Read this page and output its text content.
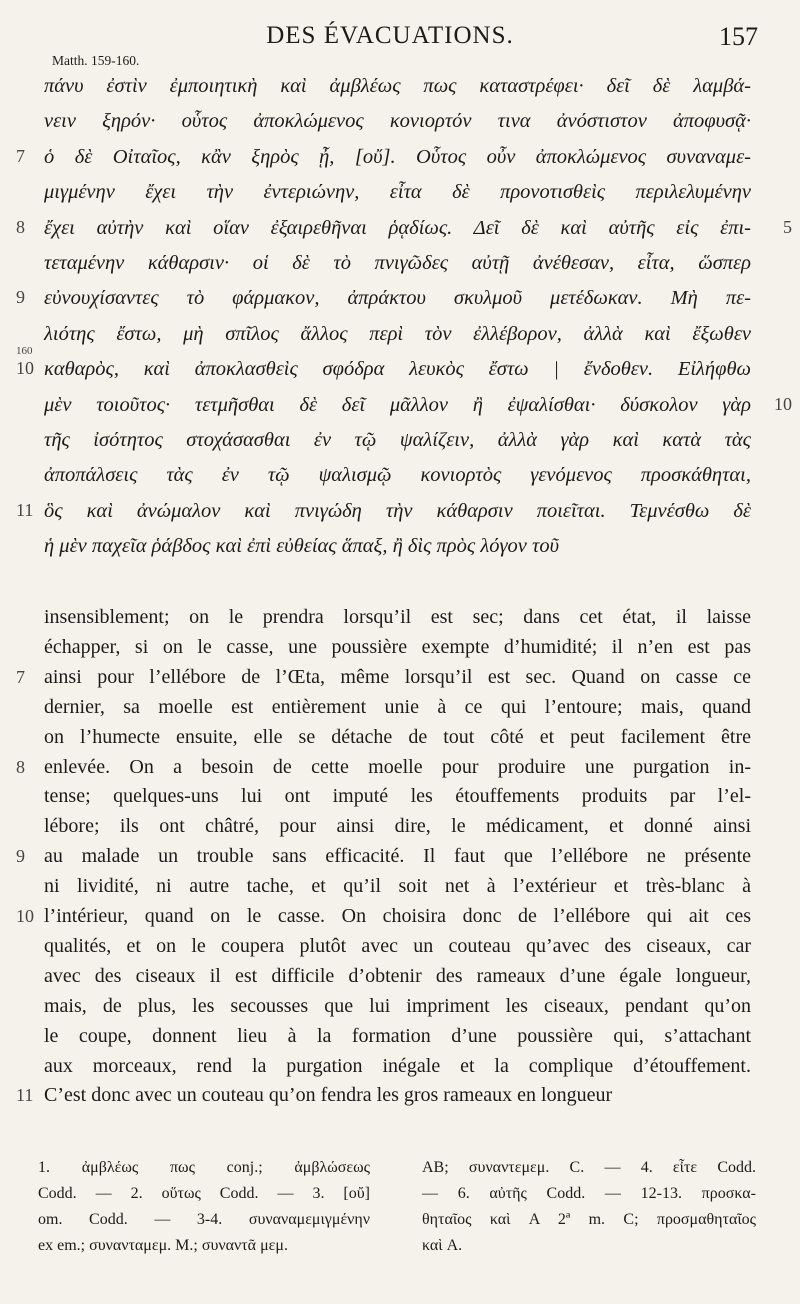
DES ÉVACUATIONS.	157
Matth. 159-160.
πάνυ ἐστὶν ἐμποιητικὴ καὶ ἀμβλέως πως καταστρέφει· δεῖ δὲ λαμβά-
νειν ξηρόν· οὗτος ἀποκλώμενος κονιορτόν τινα ἀνόστιστον ἀποφυσᾷ·
ὁ δὲ Οἰταῖος, κἂν ξηρὸς ᾖ, [οὔ]. Οὗτος οὖν ἀποκλώμενος συναναμε-
7
μιγμένην ἔχει τὴν ἐντεριώνην, εἶτα δὲ προνοτισθεὶς περιλελυμένην
ἔχει αὐτὴν καὶ οἵαν ἐξαιρεθῆναι ῥᾳδίως. Δεῖ δὲ καὶ αὐτῆς εἰς ἐπι-
8	5
τεταμένην κάθαρσιν· οἱ δὲ τὸ πνιγῶδες αὐτῇ ἀνέθεσαν, εἶτα, ὥσπερ
εὐνουχίσαντες τὸ φάρμακον, ἀπράκτου σκυλμοῦ μετέδωκαν. Μὴ πε-
9
λιότης ἔστω, μὴ σπῖλος ἄλλος περὶ τὸν ἐλλέβορον, ἀλλὰ καὶ ἔξωθεν
καθαρὸς, καὶ ἀποκλασθεὶς σφόδρα λευκὸς ἔστω | ἔνδοθεν. Εἰλήφθω
10
160
μὲν τοιοῦτος· τετμῆσθαι δὲ δεῖ μᾶλλον ἢ ἐψαλίσθαι· δύσκολον γὰρ	10
τῆς ἰσότητος στοχάσασθαι ἐν τῷ ψαλίζειν, ἀλλὰ γὰρ καὶ κατὰ τὰς
ἀποπάλσεις τὰς ἐν τῷ ψαλισμῷ κονιορτὸς γενόμενος προσκάθηται,
ὃς καὶ ἀνώμαλον καὶ πνιγώδη τὴν κάθαρσιν ποιεῖται. Τεμνέσθω δὲ
11
ἡ μὲν παχεῖα ῥάβδος καὶ ἐπὶ εὐθείας ἅπαξ, ἢ δὶς πρὸς λόγον τοῦ
insensiblement; on le prendra lorsqu’il est sec; dans cet état, il laisse
échapper, si on le casse, une poussière exempte d’humidité; il n’en est pas
ainsi pour l’ellébore de l’Œta, même lorsqu’il est sec. Quand on casse ce
7
dernier, sa moelle est entièrement unie à ce qui l’entoure; mais, quand
on l’humecte ensuite, elle se détache de tout côté et peut facilement être
enlevée. On a besoin de cette moelle pour produire une purgation in-
8
tense; quelques-uns lui ont imputé les étouffements produits par l’el-
lébore; ils ont châtré, pour ainsi dire, le médicament, et donné ainsi
au malade un trouble sans efficacité. Il faut que l’ellébore ne présente
9
ni lividité, ni autre tache, et qu’il soit net à l’extérieur et très-blanc à
l’intérieur, quand on le casse. On choisira donc de l’ellébore qui ait ces
10
qualités, et on le coupera plutôt avec un couteau qu’avec des ciseaux, car
avec des ciseaux il est difficile d’obtenir des rameaux d’une égale longueur,
mais, de plus, les secousses que lui impriment les ciseaux, pendant qu’on
le coupe, donnent lieu à la formation d’une poussière qui, s’attachant
aux morceaux, rend la purgation inégale et la complique d’étouffement.
C’est donc avec un couteau qu’on fendra les gros rameaux en longueur
11
1. ἀμβλέως πως conj.; ἀμβλώσεως
Codd. — 2. οὕτως Codd. — 3. [οὔ]
om. Codd. — 3-4. συναναμεμιγμένην
ex em.; συνανταμεμ. M.; συναντᾶ μεμ.
AB; συναντεμεμ. C. — 4. εἶτε Codd.
— 6. αὐτῆς Codd. — 12-13. προσκα-
θηταῖος καὶ A 2ª m. C; προσμαθηταῖος
καὶ A.
